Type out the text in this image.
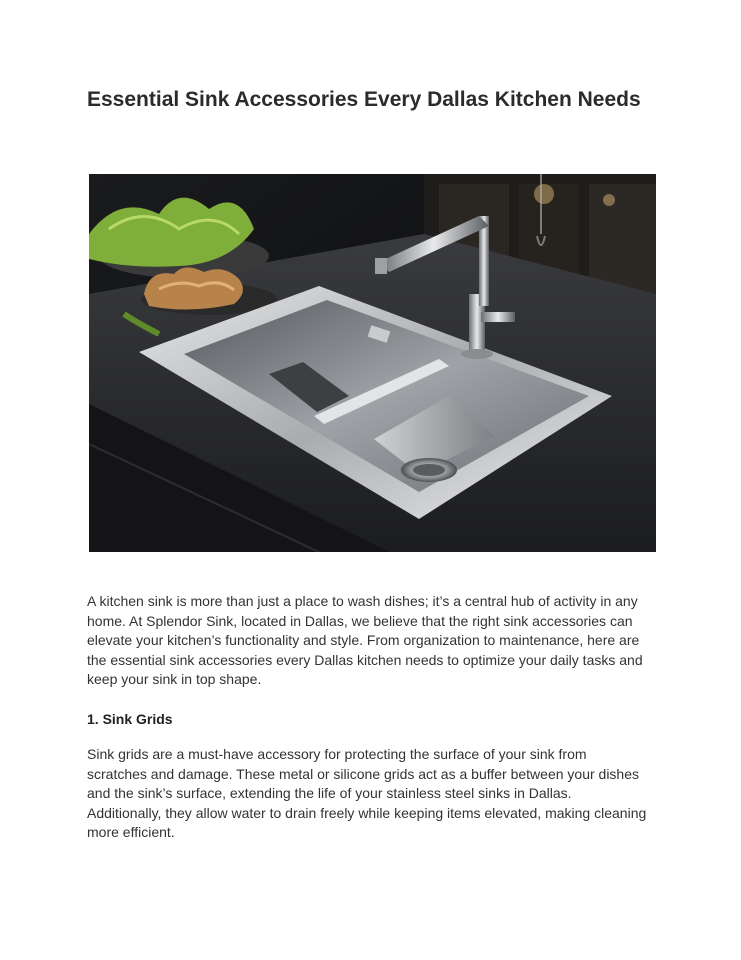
Essential Sink Accessories Every Dallas Kitchen Needs

A kitchen sink is more than just a place to wash dishes; it’s a central hub of activity in any home. At Splendor Sink, located in Dallas, we believe that the right sink accessories can elevate your kitchen’s functionality and style. From organization to maintenance, here are the essential sink accessories every Dallas kitchen needs to optimize your daily tasks and keep your sink in top shape.

1. Sink Grids

Sink grids are a must-have accessory for protecting the surface of your sink from scratches and damage. These metal or silicone grids act as a buffer between your dishes and the sink’s surface, extending the life of your stainless steel sinks in Dallas. Additionally, they allow water to drain freely while keeping items elevated, making cleaning more efficient.
